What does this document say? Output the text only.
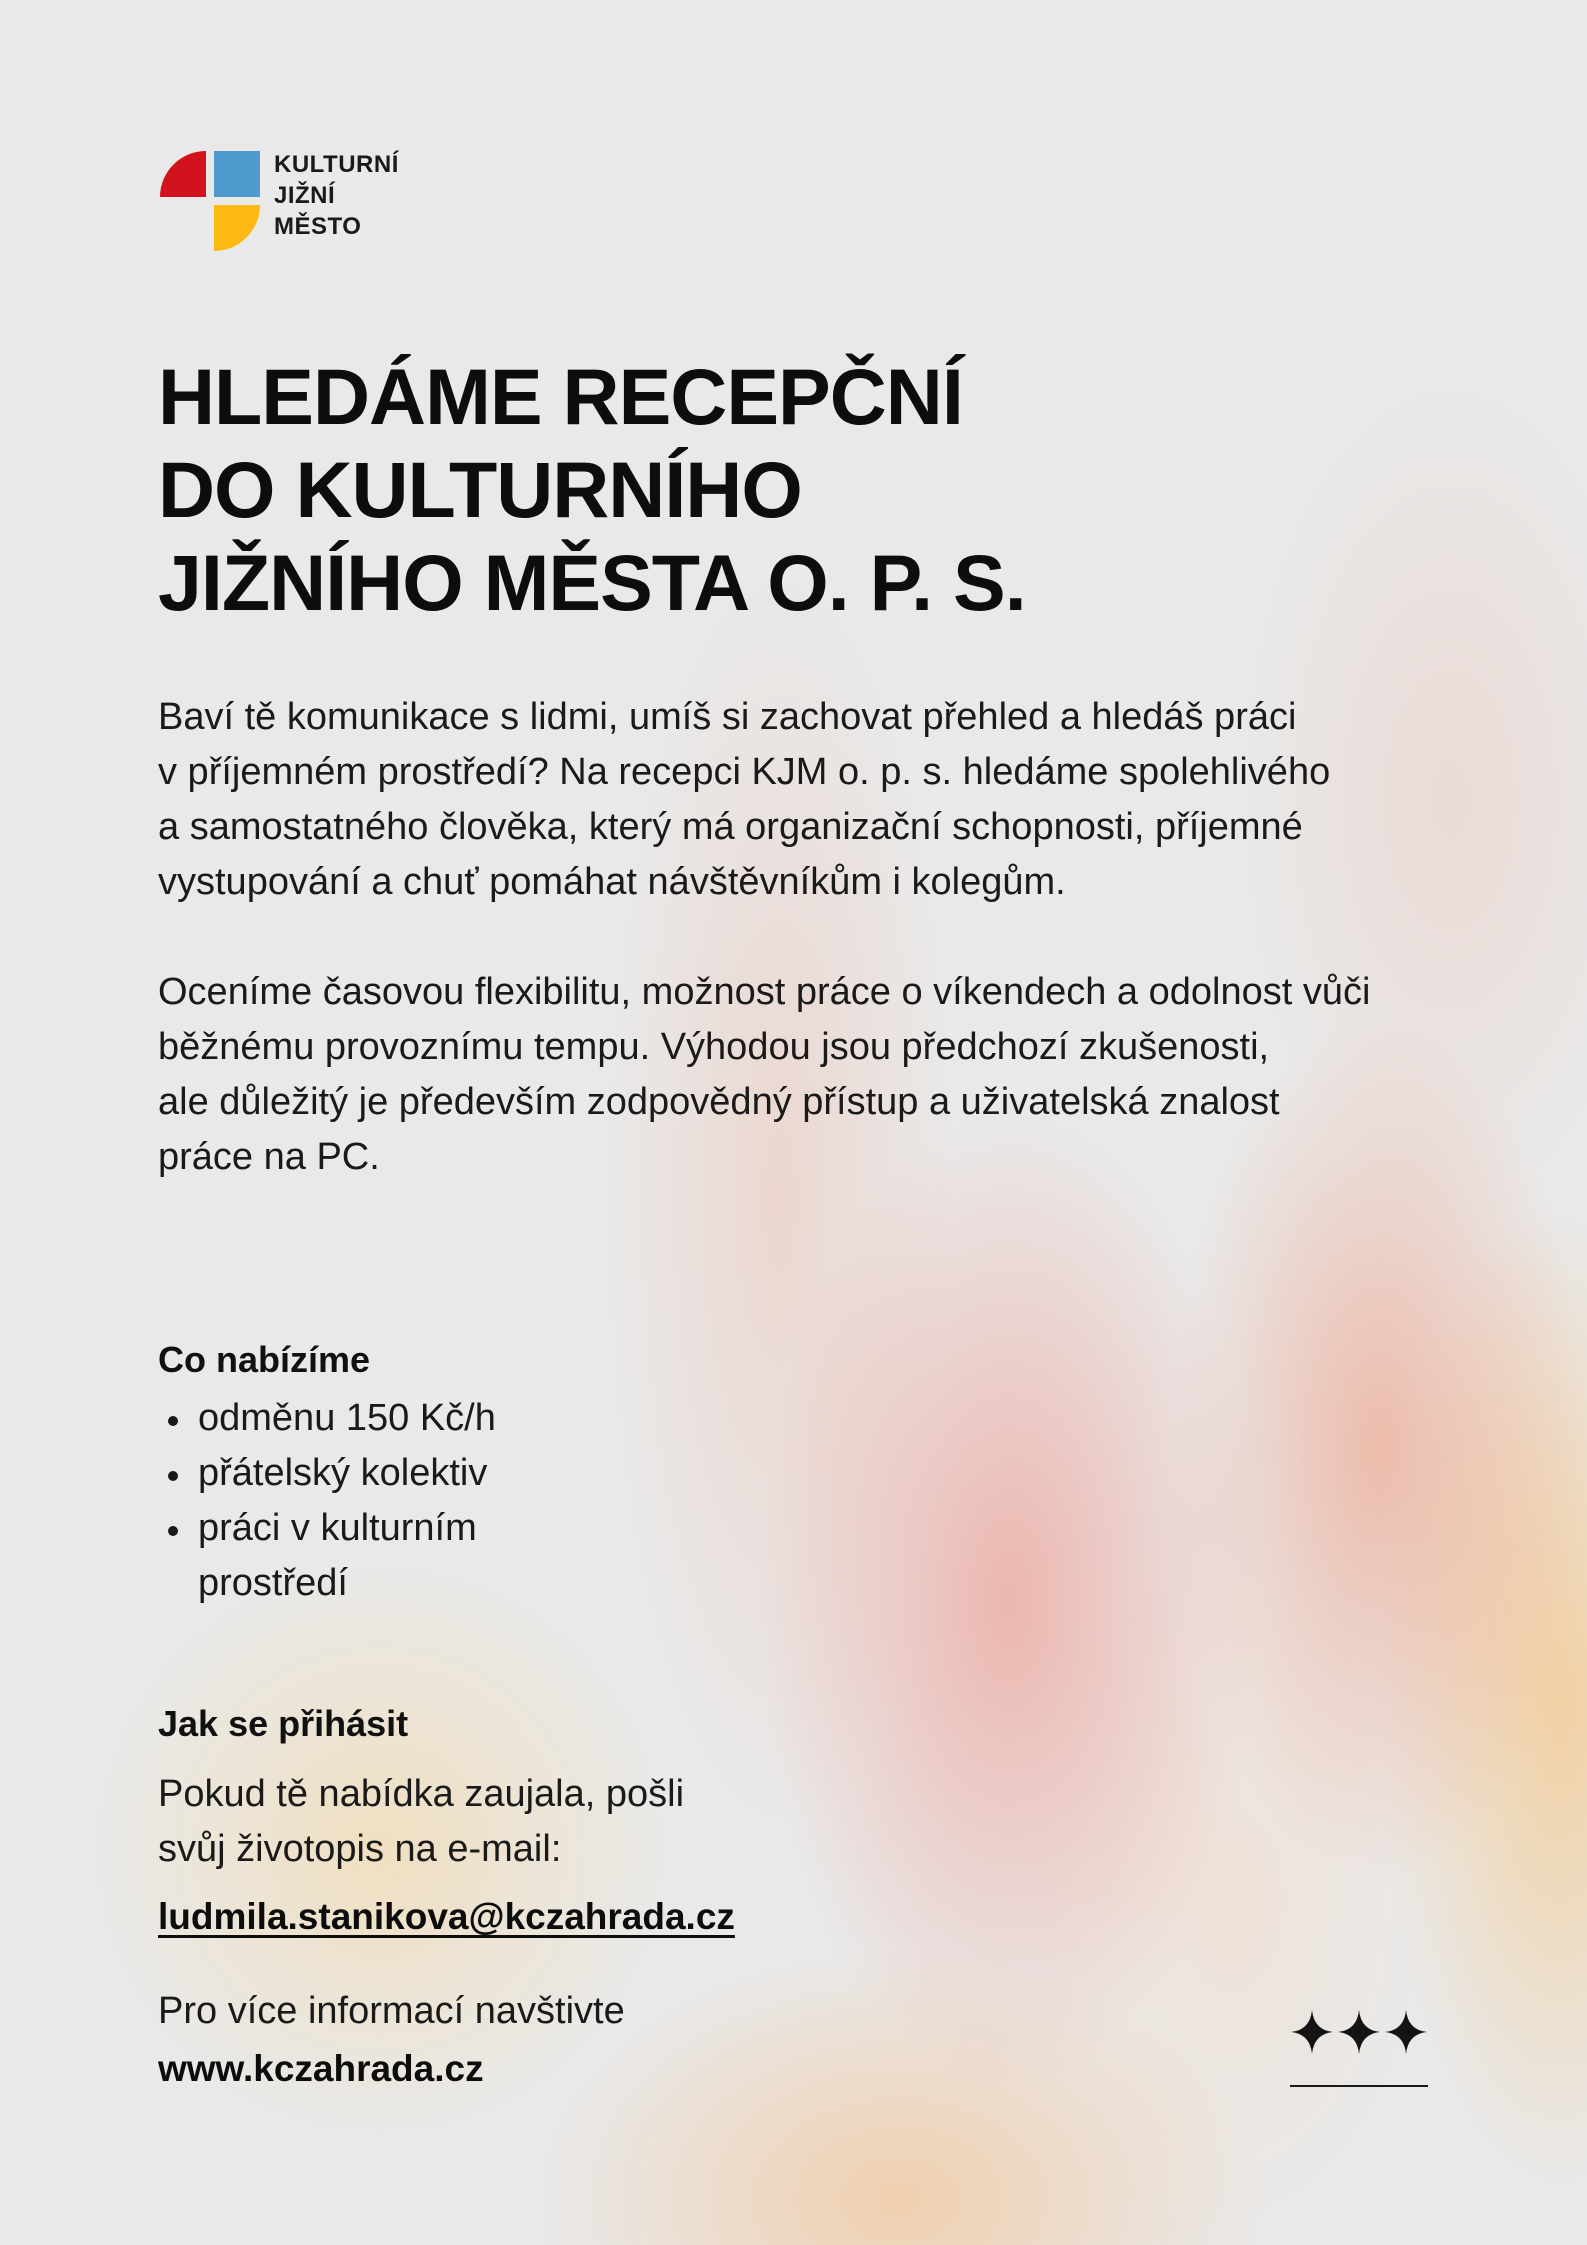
KULTURNÍ
JIŽNÍ
MĚSTO
HLEDÁME RECEPČNÍ
DO KULTURNÍHO
JIŽNÍHO MĚSTA O. P. S.

Baví tě komunikace s lidmi, umíš si zachovat přehled a hledáš práci
v příjemném prostředí? Na recepci KJM o. p. s. hledáme spolehlivého
a samostatného člověka, který má organizační schopnosti, příjemné
vystupování a chuť pomáhat návštěvníkům i kolegům.

Oceníme časovou flexibilitu, možnost práce o víkendech a odolnost vůči
běžnému provoznímu tempu. Výhodou jsou předchozí zkušenosti,
ale důležitý je především zodpovědný přístup a uživatelská znalost
práce na PC.

Co nabízíme
odměnu 150 Kč/h
přátelský kolektiv
práci v kulturním prostředí
Jak se přihásit

Pokud tě nabídka zaujala, pošli
svůj životopis na e-mail:

ludmila.stanikova@kczahrada.cz
Pro více informací navštivte
www.kczahrada.cz
